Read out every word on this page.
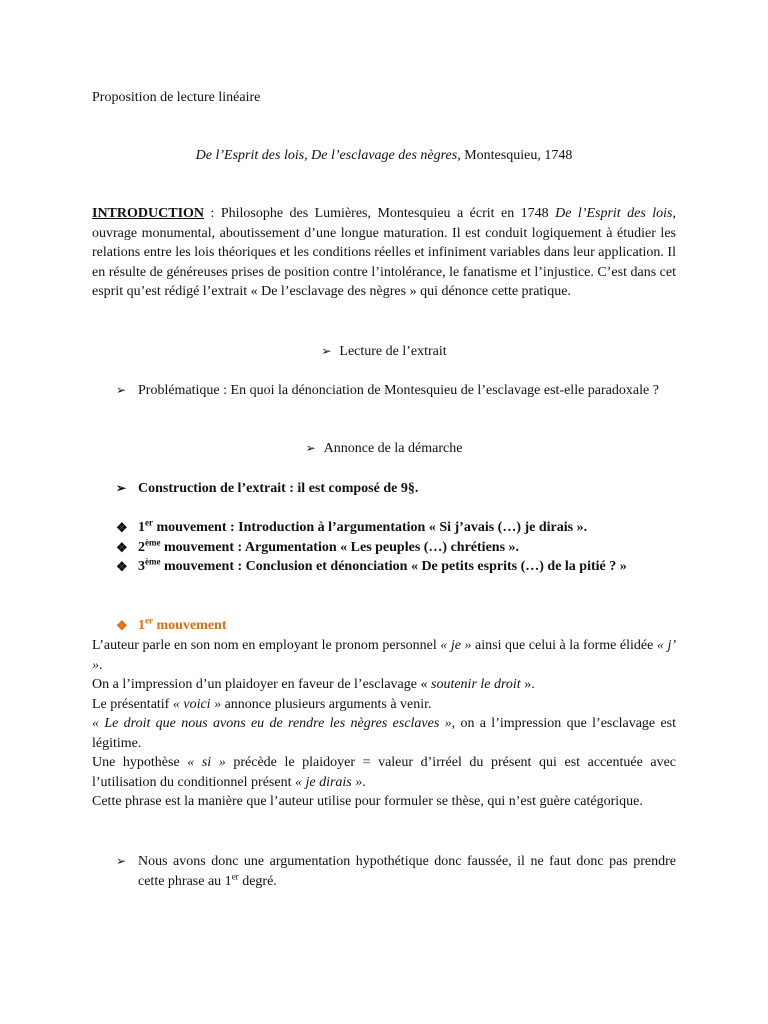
Proposition de lecture linéaire

De l’Esprit des lois, De l’esclavage des nègres, Montesquieu, 1748

INTRODUCTION : Philosophe des Lumières, Montesquieu a écrit en 1748 De l’Esprit des lois, ouvrage monumental, aboutissement d’une longue maturation. Il est conduit logiquement à étudier les relations entre les lois théoriques et les conditions réelles et infiniment variables dans leur application. Il en résulte de généreuses prises de position contre l’intolérance, le fanatisme et l’injustice. C’est dans cet esprit qu’est rédigé l’extrait « De l’esclavage des nègres » qui dénonce cette pratique.

➢ Lecture de l’extrait

➢ Problématique : En quoi la dénonciation de Montesquieu de l’esclavage est-elle paradoxale ?

➢ Annonce de la démarche

➢ Construction de l’extrait : il est composé de 9§.
❖ 1er mouvement : Introduction à l’argumentation « Si j’avais (…) je dirais ».
❖ 2ème mouvement : Argumentation « Les peuples (…) chrétiens ».
❖ 3ème mouvement : Conclusion et dénonciation « De petits esprits (…) de la pitié ? »
❖ 1er mouvement
L’auteur parle en son nom en employant le pronom personnel « je » ainsi que celui à la forme élidée « j’ ».
On a l’impression d’un plaidoyer en faveur de l’esclavage « soutenir le droit ».
Le présentatif « voici » annonce plusieurs arguments à venir.
« Le droit que nous avons eu de rendre les nègres esclaves », on a l’impression que l’esclavage est légitime.
Une hypothèse « si » précède le plaidoyer = valeur d’irréel du présent qui est accentuée avec l’utilisation du conditionnel présent « je dirais ».
Cette phrase est la manière que l’auteur utilise pour formuler se thèse, qui n’est guère catégorique.
➢ Nous avons donc une argumentation hypothétique donc faussée, il ne faut donc pas prendre cette phrase au 1er degré.
